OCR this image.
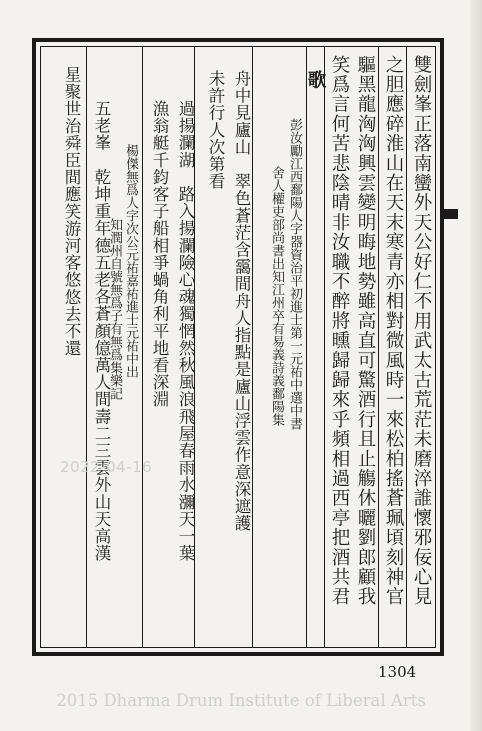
雙劍峯正落南蠻外天公好仁不用武太古荒茫未磨淬誰懷邪佞心見
之胆應碎淮山在天末寒青亦相對微風時一來松柏搖蒼珮頃刻神官
驅黑龍洶洶興雲變明晦地勢雖高直可驚酒行且止觴休曬劉郎顧我
笑爲言何苦悲陰晴非汝職不醉將曛歸歸來乎頻相過西亭把酒共君
歌
彭汝勵江西鄱陽人字器資治平初進士第一元祐中選中書
舍人權吏部尚書出知江州卒有易義詩義鄱陽集
舟中見廬山　翠色蒼茫含靄間舟人指點是廬山浮雲作意深遮護
未許行人次第看
過揚瀾湖　路入揚瀾險心魂獨惘然秋風浪飛屋春雨水瀰天一葉
漁翁艇千鈞客子船相爭蝸角利平地看深淵
楊傑無爲人字次公元祐嘉祐進士元祐中出
知潤州自號無爲子有無爲集樂記
五老峯　乾坤重年德五老各蒼顏億萬人間壽二三雲外山天高漢
星聚世治舜臣間應笑游河客悠悠去不還
2022-04-16
1304
2015 Dharma Drum Institute of Liberal Arts
